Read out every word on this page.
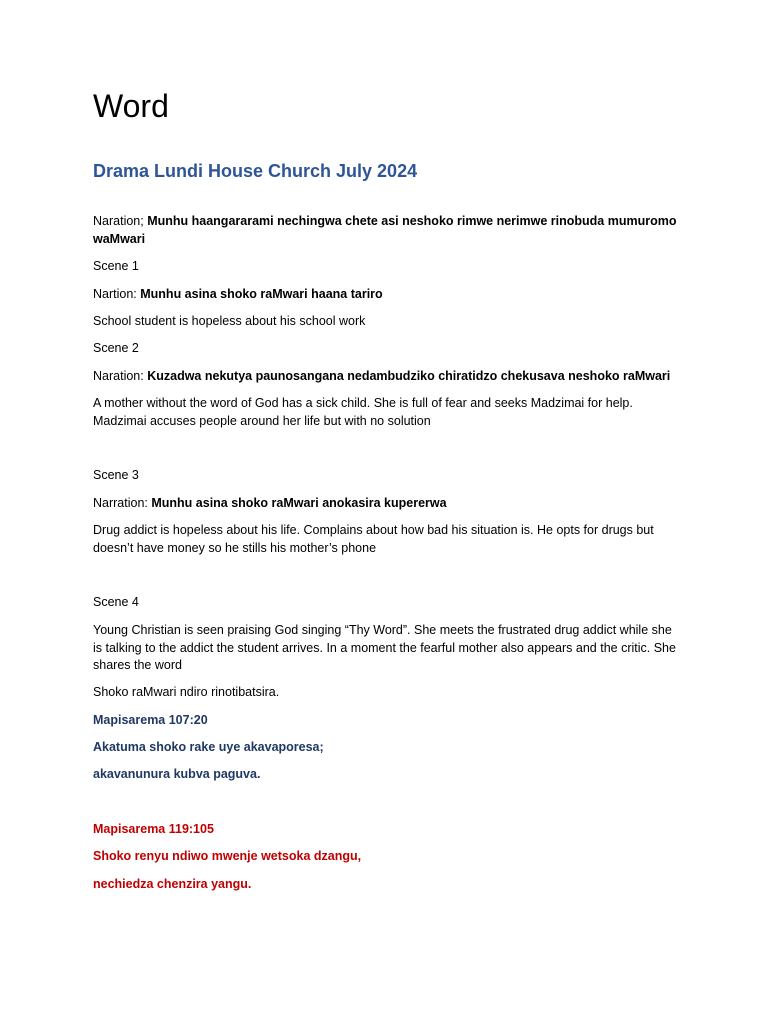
Word
Drama Lundi House Church July 2024

Naration; Munhu haangararami nechingwa chete asi neshoko rimwe nerimwe rinobuda mumuromo waMwari

Scene 1

Nartion: Munhu asina shoko raMwari haana tariro

School student is hopeless about his school work

Scene 2

Naration: Kuzadwa nekutya paunosangana nedambudziko chiratidzo chekusava neshoko raMwari

A mother without the word of God has a sick child. She is full of fear and seeks Madzimai for help. Madzimai accuses people around her life but with no solution

Scene 3

Narration: Munhu asina shoko raMwari anokasira kupererwa

Drug addict is hopeless about his life. Complains about how bad his situation is. He opts for drugs but doesn’t have money so he stills his mother’s phone

Scene 4

Young Christian is seen praising God singing “Thy Word”. She meets the frustrated drug addict while she is talking to the addict the student arrives. In a moment the fearful mother also appears and the critic. She shares the word

Shoko raMwari ndiro rinotibatsira.

Mapisarema 107:20

Akatuma shoko rake uye akavaporesa;

akavanunura kubva paguva.

Mapisarema 119:105

Shoko renyu ndiwo mwenje wetsoka dzangu,

nechiedza chenzira yangu.
